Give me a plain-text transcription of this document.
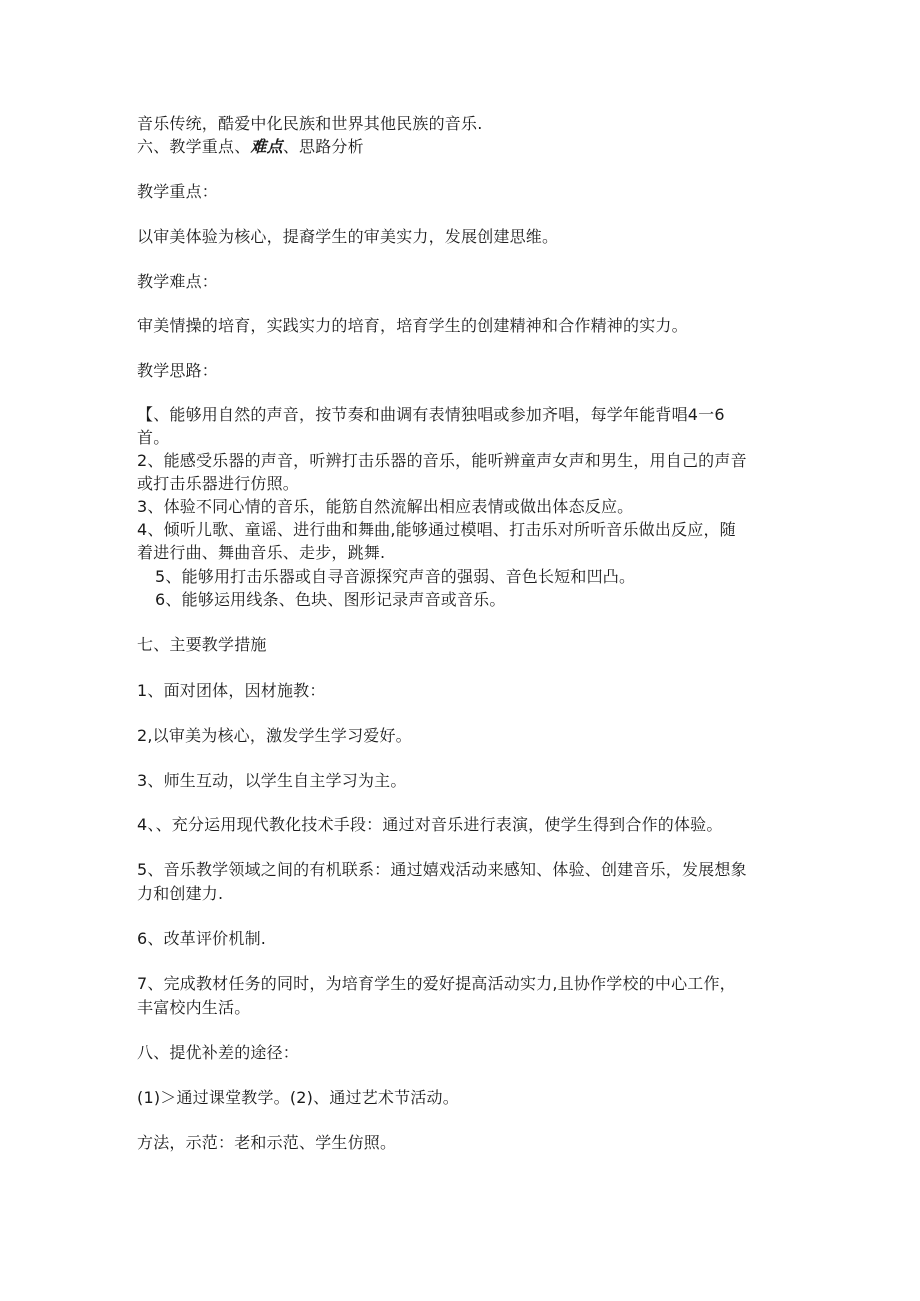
音乐传统，酷爱中化民族和世界其他民族的音乐.
六、教学重点、难点、思路分析
教学重点：
以审美体验为核心，提裔学生的审美实力，发展创建思维。
教学难点：
审美情操的培育，实践实力的培育，培育学生的创建精神和合作精神的实力。
教学思路：
【、能够用自然的声音，按节奏和曲调有表情独唱或参加齐唱，每学年能背唱4一6
首。
2、能感受乐器的声音，听辨打击乐器的音乐，能听辨童声女声和男生，用自己的声音
或打击乐器进行仿照。
3、体验不同心情的音乐，能筋自然流解出相应表情或做出体态反应。
4、倾听儿歌、童谣、进行曲和舞曲,能够通过模唱、打击乐对所听音乐做出反应，随
着进行曲、舞曲音乐、走步，跳舞.
5、能够用打击乐器或自寻音源探究声音的强弱、音色长短和凹凸。
6、能够运用线条、色块、图形记录声音或音乐。
七、主要教学措施
1、面对团体，因材施教：
2,以审美为核心，激发学生学习爱好。
3、师生互动，以学生自主学习为主。
4、、充分运用现代教化技术手段：通过对音乐进行表演，使学生得到合作的体验。
5、音乐教学领域之间的有机联系：通过嬉戏活动来感知、体验、创建音乐，发展想象
力和创建力.
6、改革评价机制.
7、完成教材任务的同时，为培育学生的爱好提高活动实力,且协作学校的中心工作，
丰富校内生活。
八、提优补差的途径：
(1)＞通过课堂教学。(2)、通过艺术节活动。
方法，示范：老和示范、学生仿照。
